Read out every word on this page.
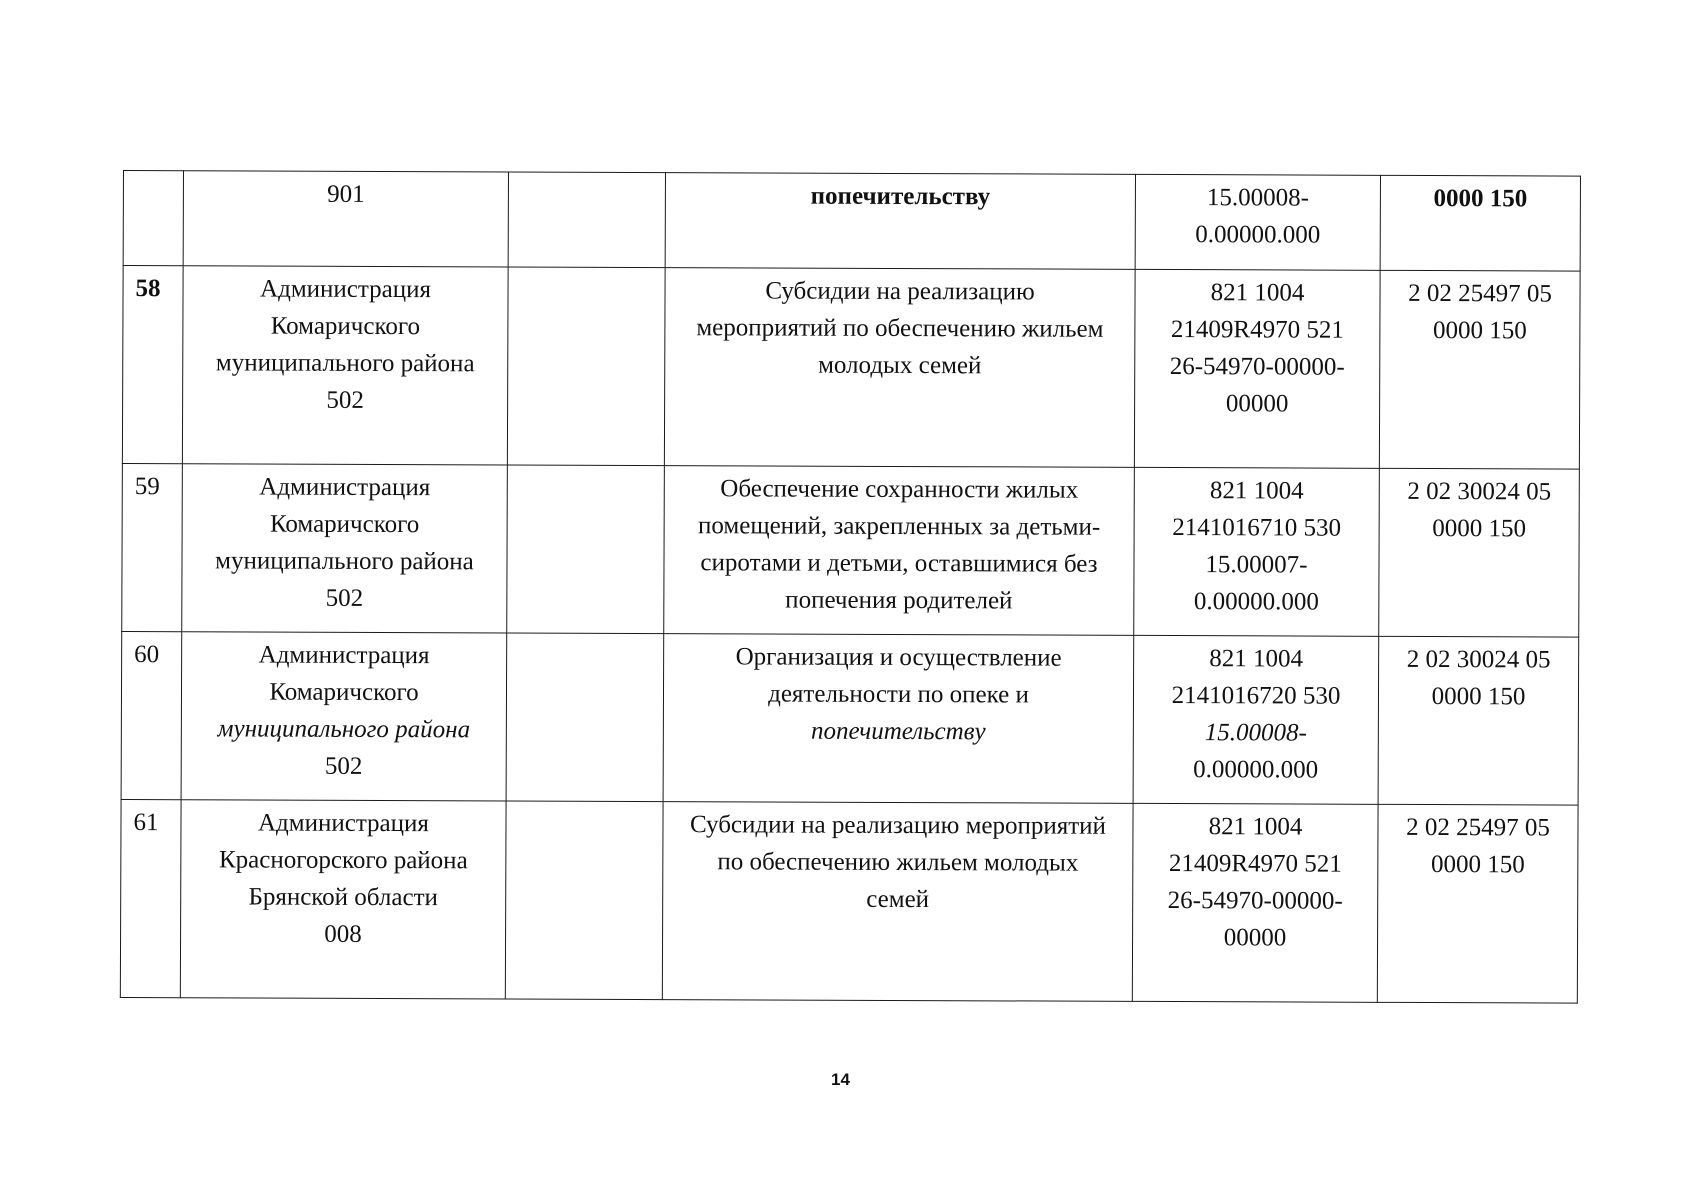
	901		попечительству	15.00008-
0.00000.000	0000 150

58	Администрация
Комаричского
муниципального района
502		Субсидии на реализацию
мероприятий по обеспечению жильем
молодых семей	821 1004
21409R4970 521
26-54970-00000-
00000	2 02 25497 05
0000 150

59	Администрация
Комаричского
муниципального района
502		Обеспечение сохранности жилых
помещений, закрепленных за детьми-
сиротами и детьми, оставшимися без
попечения родителей	821 1004
2141016710 530
15.00007-
0.00000.000	2 02 30024 05
0000 150

60	Администрация
Комаричского
муниципального района
502		Организация и осуществление
деятельности по опеке и
попечительству	821 1004
2141016720 530
15.00008-
0.00000.000	2 02 30024 05
0000 150

61	Администрация
Красногорского района
Брянской области
008		Субсидии на реализацию мероприятий
по обеспечению жильем молодых
семей	821 1004
21409R4970 521
26-54970-00000-
00000	2 02 25497 05
0000 150
14
